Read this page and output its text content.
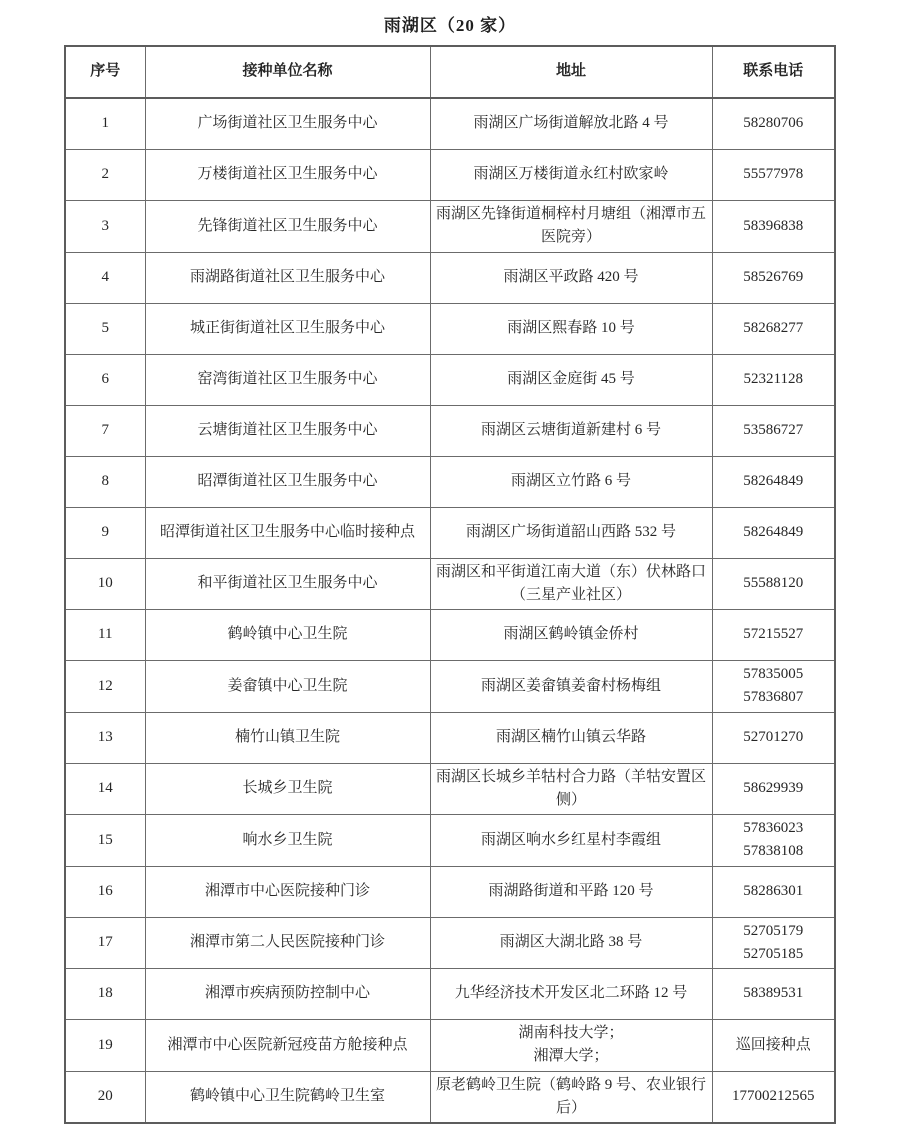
雨湖区（20 家）
序号	接种单位名称	地址	联系电话

1	广场街道社区卫生服务中心	雨湖区广场街道解放北路 4 号	58280706

2	万楼街道社区卫生服务中心	雨湖区万楼街道永红村欧家岭	55577978

3	先锋街道社区卫生服务中心	雨湖区先锋街道桐梓村月塘组（湘潭市五医院旁）	58396838

4	雨湖路街道社区卫生服务中心	雨湖区平政路 420 号	58526769

5	城正街街道社区卫生服务中心	雨湖区熙春路 10 号	58268277

6	窑湾街道社区卫生服务中心	雨湖区金庭街 45 号	52321128

7	云塘街道社区卫生服务中心	雨湖区云塘街道新建村 6 号	53586727

8	昭潭街道社区卫生服务中心	雨湖区立竹路 6 号	58264849

9	昭潭街道社区卫生服务中心临时接种点	雨湖区广场街道韶山西路 532 号	58264849

10	和平街道社区卫生服务中心	雨湖区和平街道江南大道（东）伏林路口（三星产业社区）	55588120

11	鹤岭镇中心卫生院	雨湖区鹤岭镇金侨村	57215527

12	姜畲镇中心卫生院	雨湖区姜畲镇姜畲村杨梅组	57835005
57836807

13	楠竹山镇卫生院	雨湖区楠竹山镇云华路	52701270

14	长城乡卫生院	雨湖区长城乡羊牯村合力路（羊牯安置区侧）	58629939

15	响水乡卫生院	雨湖区响水乡红星村李霞组	57836023
57838108

16	湘潭市中心医院接种门诊	雨湖路街道和平路 120 号	58286301

17	湘潭市第二人民医院接种门诊	雨湖区大湖北路 38 号	52705179
52705185

18	湘潭市疾病预防控制中心	九华经济技术开发区北二环路 12 号	58389531

19	湘潭市中心医院新冠疫苗方舱接种点	湖南科技大学；
湘潭大学；	巡回接种点

20	鹤岭镇中心卫生院鹤岭卫生室	原老鹤岭卫生院（鹤岭路 9 号、农业银行后）	17700212565
